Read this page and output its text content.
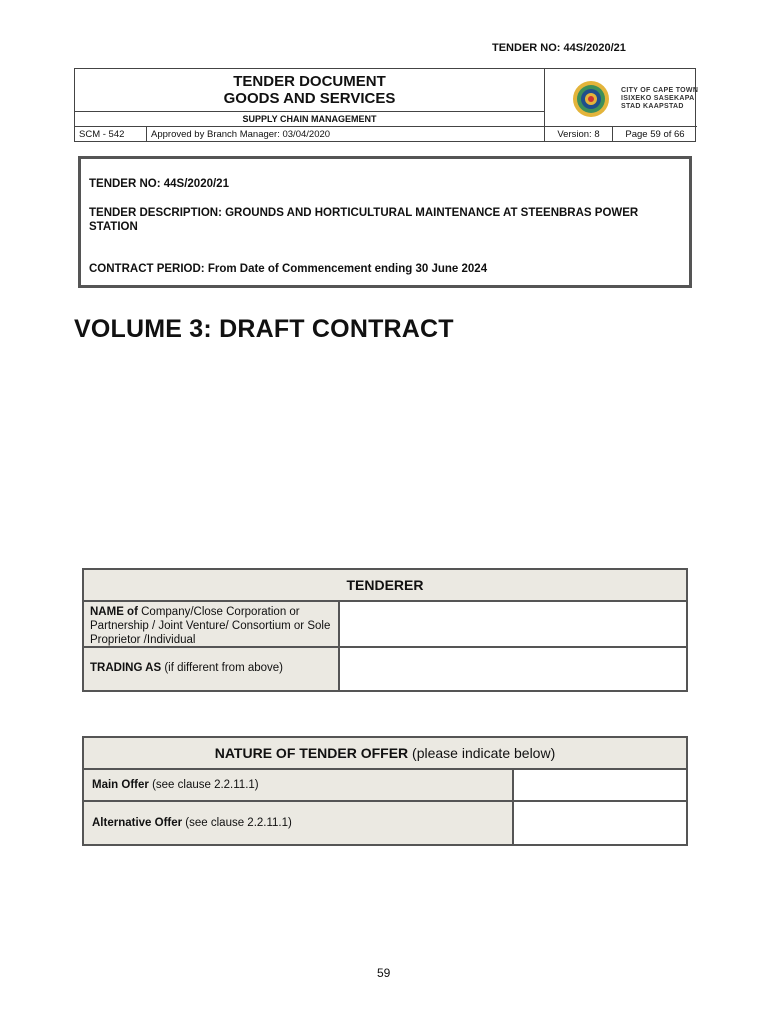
TENDER NO: 44S/2020/21
TENDER DOCUMENT
GOODS AND SERVICES
SUPPLY CHAIN MANAGEMENT
CITY OF CAPE TOWN
ISIXEKO SASEKAPA
STAD KAAPSTAD
SCM - 542	Approved by Branch Manager: 03/04/2020	Version: 8	Page 59 of 66

TENDER NO: 44S/2020/21

TENDER DESCRIPTION: GROUNDS AND HORTICULTURAL MAINTENANCE AT STEENBRAS POWER STATION

CONTRACT PERIOD: From Date of Commencement ending 30 June 2024

VOLUME 3: DRAFT CONTRACT
TENDERER
NAME of Company/Close Corporation or Partnership / Joint Venture/ Consortium or Sole Proprietor /Individual
TRADING AS (if different from above)
NATURE OF TENDER OFFER (please indicate below)
Main Offer (see clause 2.2.11.1)
Alternative Offer (see clause 2.2.11.1)
59
